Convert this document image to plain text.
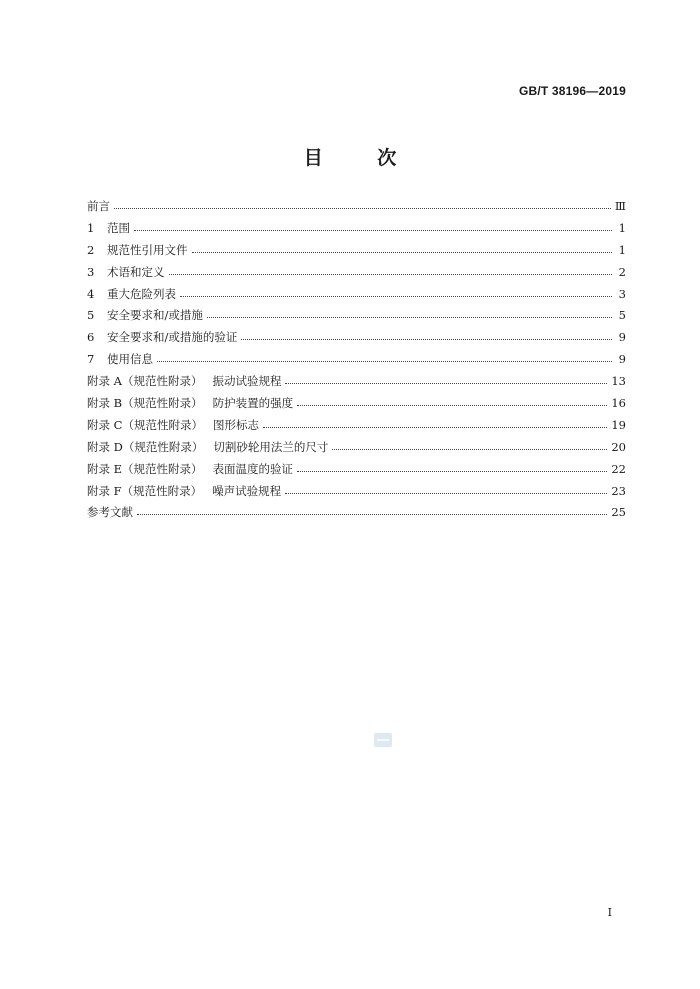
GB/T 38196—2019
目 次
前言	Ⅲ
1 范围	1
2 规范性引用文件	1
3 术语和定义	2
4 重大危险列表	3
5 安全要求和/或措施	5
6 安全要求和/或措施的验证	9
7 使用信息	9
附录 A（规范性附录） 振动试验规程	13
附录 B（规范性附录） 防护装置的强度	16
附录 C（规范性附录） 图形标志	19
附录 D（规范性附录） 切割砂轮用法兰的尺寸	20
附录 E（规范性附录） 表面温度的验证	22
附录 F（规范性附录） 噪声试验规程	23
参考文献	25
I
